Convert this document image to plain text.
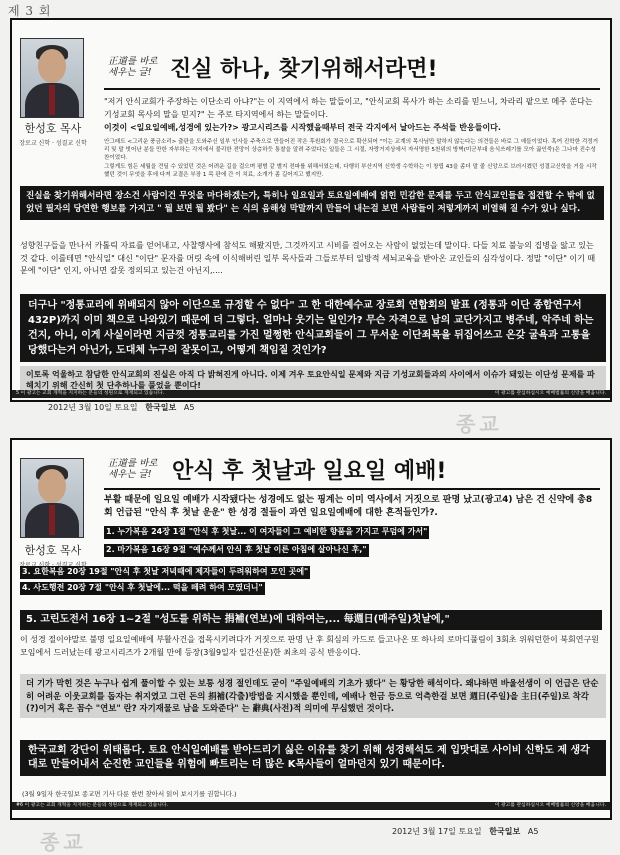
제 3 회
한성호 목사
장로교 신학 · 성결교 신학
正道를 바로 세우는 글! 진실 하나, 찾기위해서라면!

"저거 안식교회가 주장하는 이단소리 아냐?"는 이 지역에서 하는 말들이고, "안식교회 목사가 하는 소리를 믿느니, 차라리 팥으로 메주 쑨다는 기성교회 목사의 말을 믿지?" 는 주로 타지역에서 하는 말들이다.

이것이 <일요일예배,성경에 있는가?> 광고시리즈를 시작했을때부터 전국 각지에서 날아드는 주석들 반응들이다.

안그래도 <그리운 풍금소리> 출판을 도와주신 일부 인사들 주축으로 만들어진 작은 후원회가 결국으로 확산되어 "이는 교계의 목사님만 말하지 않는다는 의견들은 바로 그 예들이었다. 혹여 진학한 걱정거리 및 말 빗어난 분들 만한 자부하는 각지에서 불리한 전망이 상층하듯 통찰을 알려 주었다는 일들은 그 시절, 자랑거지상에서 자서명한 5천위의 방벽(미군부대 음식쓰레기를 모아 끓인죽)은 그나마 진수성찬이었다.

그렇게도 힘든 세월을 견딜 수 있었던 것은 어려운 길을 걸으며 평범 같 별지 전파를 위해서였는데, 다행히 부산지역 신학생 수학하는 이 창립 43을 좀더 말 줄 신앙으로 브러시켰던 성결교신학을 거들 시작했던 것이 무엇을 후에 다져 교결은 부장 1 목 판에 간 이 치료, 소개가 좀 길어지고 했지만.

진실을 찾기위해서라면 장소건 사람이건 무엇을 마다하겠는가, 특히나 일요일과 토요일예배에 얽힌 민감한 문제를 두고 안식교인들을 접견할 수 밖에 없었던 필자의 당연한 행보를 가지고 " 뭘 보면 뭘 봤다" 는 식의 음해성 막말까지 만들어 내는걸 보면 사람들이 저렇게까지 비열해 질 수가 있나 싶다.

성향친구들을 만나서 카톨릭 자료를 얻어내고, 사찰행사에 참석도 해봤지만, 그것까지고 시비를 걸어오는 사람이 없었는데 말이다. 다들 치료 불능의 집병을 앓고 있는것 같다. 이를테면 "안식일" 대신 "이단" 문자를 머릿 속에 이식해버린 일부 목사들과 그들로부터 일방적 세뇌교육을 받아온 교인들의 심각성이다. 정말 "이단" 이기 때문에 "이단" 인지, 아니면 잘못 정의되고 있는건 아닌지,....

더구나 "정통교리에 위배되지 않아 이단으로 규정할 수 없다" 고 한 대한예수교 장로회 연합회의 발표 (정통과 이단 종합연구서 432P)까지 이미 책으로 나와있기 때문에 더 그렇다. 얼마나 웃기는 일인가? 무슨 자격으로 남의 교단가지고 병주네, 악주네 하는건지, 아니, 이게 사실이라면 지금껏 정통교리를 가진 멀쩡한 안식교회들이 그 무서운 이단죄목을 뒤집어쓰고 온갖 굴욕과 고통을 당했다는거 아닌가, 도대체 누구의 잘못이고, 어떻게 책임질 것인가?
이토록 억울하고 참담한 안식교회의 진실은 아직 다 밝혀진게 아니다. 이제 겨우 토요안식일 문제와 지금 기성교회들과의 사이에서 이슈가 돼있는 이단성 문제를 파헤치기 위해 간신히 첫 단추하나를 풀었을 뿐이다!
5 이 광고는 교회 개혁을 지지하는 분들의 성원으로 게재되고 있습니다.	이 광고를 관심하십시오 예배법률의 신앙을 배웁니다.
2012년 3월 10일 토요일 한국일보 A5
종교
한성호 목사
正道를 바로 세우는 글! 안식 후 첫날과 일요일 예배!

부활 때문에 일요일 예배가 시작됐다는 성경에도 없는 핑계는 이미 역사에서 거짓으로 판명 났고(광고4) 남은 건 신약에 총8회 언급된 "안식 후 첫날 운운" 한 성경 절들이 과연 일요일예배에 대한 흔적들인가?.

1. 누가복음 24장 1절 "안식 후 첫날... 이 여자들이 그 예비한 향품을 가지고 무덤에 가서"

2. 마가복음 16장 9절 "예수께서 안식 후 첫날 이른 아침에 살아나신 후,"

3. 요한복음 20장 19절 "안식 후 첫날 저녁때에 제자들이 두려워하여 모인 곳에"

4. 사도행전 20장 7절 "안식 후 첫날에... 떡을 떼려 하여 모였더니"

5. 고린도전서 16장 1~2절 "성도를 위하는 捐補(연보)에 대하여는,... 每週日(매주일)첫날에,"

이 성경 절이야말로 불명 일요일예배에 부활사건을 접목시키려다가 거짓으로 판명 난 후 회심의 카드로 들고나온 또 하나의 로마디풀림이 3회초 위워던한이 북회연구원 모임에서 드러났는데 광고시리즈가 2개월 만에 등장(3월9일자 일간신문)한 최초의 공식 반응이다.

더 기가 막힌 것은 누구나 쉽게 풀이할 수 있는 보통 성경 절인데도 굳이 "주일예배의 기초가 됐다" 는 황당한 해석이다. 왜냐하면 바울선생이 이 언급은 단순히 어려운 이웃교회를 돕자는 취지였고 그런 돈의 捐補(각출)방법을 지시했을 뿐인데, 예배나 헌금 등으로 억측한걸 보면 週日(주일)을 主日(주일)로 착각(?)이거 혹은 꼼수 "연보" 란? 자기재물로 남을 도와준다" 는 辭典(사전)적 의미에 무심했던 것이다.
한국교회 강단이 위태롭다. 토요 안식일예배를 받아드리기 싫은 이유를 찾기 위해 성경해석도 제 입맛대로 사이비 신학도 제 생각대로 만들어내서 순진한 교인들을 위험에 빠트리는 더 많은 K목사들이 얼마던지 있기 때문이다.

(3월 9일자 한국일보 종교면 기사 다룬 한번 찾아서 읽어 보시기를 권합니다.)

#6 이 광고는 교회 개혁을 지지하는 분들의 성원으로 게재되고 있습니다.	이 광고를 관심하십시오 예배법률의 신앙을 배웁니다.
종교	2012년 3월 17일 토요일 한국일보 A5
